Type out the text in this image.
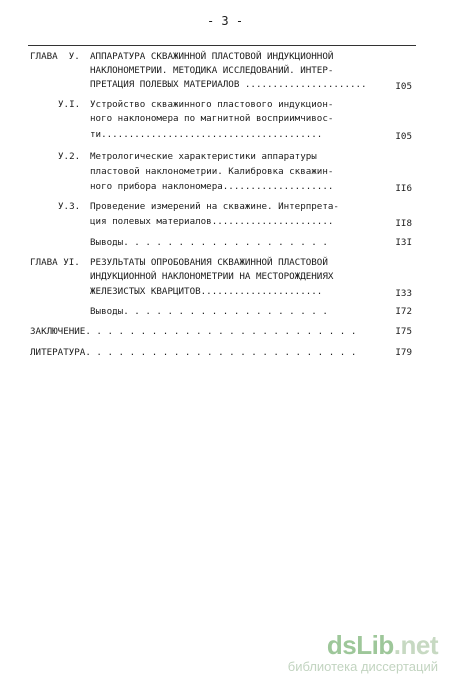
- 3 -
ГЛАВА  У. АППАРАТУРА СКВАЖИННОЙ ПЛАСТОВОЙ ИНДУКЦИОННОЙ
НАКЛОНОМЕТРИИ. МЕТОДИКА ИССЛЕДОВАНИЙ. ИНТЕР-
ПРЕТАЦИЯ ПОЛЕВЫХ МАТЕРИАЛОВ ......................	I05
У.I. Устройство скважинного пластового индукцион-
ного наклономера по магнитной восприимчивос-
ти........................................	I05
У.2. Метрологические характеристики аппаратуры
пластовой наклонометрии. Калибровка скважин-
ного прибора наклономера....................	II6
У.3. Проведение измерений на скважине. Интерпрета-
ция полевых материалов......................	II8
Выводы. . . . . . . . . . . . . . . . . . .	I3I
ГЛАВА УI. РЕЗУЛЬТАТЫ ОПРОБОВАНИЯ СКВАЖИННОЙ ПЛАСТОВОЙ
ИНДУКЦИОННОЙ НАКЛОНОМЕТРИИ НА МЕСТОРОЖДЕНИЯХ
ЖЕЛЕЗИСТЫХ КВАРЦИТОВ......................	I33
Выводы. . . . . . . . . . . . . . . . . . .	I72
ЗАКЛЮЧЕНИЕ. . . . . . . . . . . . . . . . . . . . . . . . .	I75
ЛИТЕРАТУРА. . . . . . . . . . . . . . . . . . . . . . . . .	I79
dsLib.net
библиотека диссертаций
